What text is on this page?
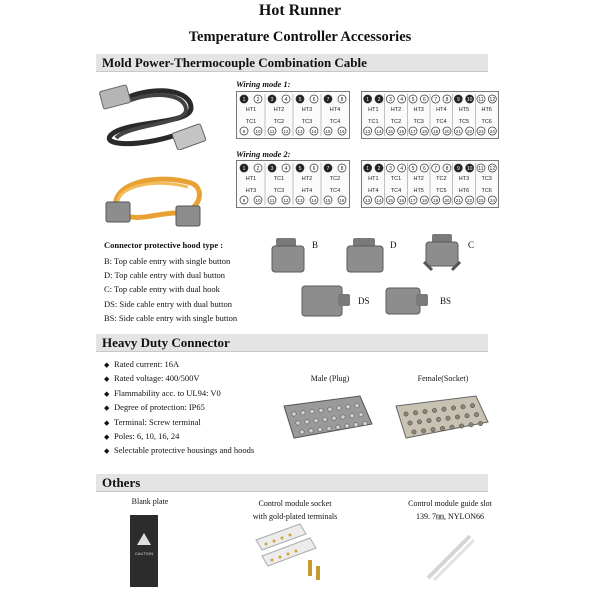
Hot Runner
Temperature Controller Accessories
Mold Power-Thermocouple Combination Cable
Wiring mode 1:
Wiring mode 2:
1 2 3 4 5 6 7 8
HT1	HT2	HT3	HT4
TC1	TC2	TC3	TC4
9 10 11 12 13 14 15 16
1 2 3 4 5 6 7 8 9 10 11 12
HT1 HT2 HT3 HT4 HT5 HT6
TC1 TC2 TC3 TC4 TC5 TC6
13 14 15 16 17 18 19 20 21 22 23 24
1 2 3 4 5 6 7 8
HT1	TC1	HT2	TC2
HT3	TC3	HT4	TC4
9 10 11 12 13 14 15 16
1 2 3 4 5 6 7 8 9 10 11 12
HT1 TC1 HT2 TC2 HT3 TC3
HT4 TC4 HT5 TC5 HT6 TC6
13 14 15 16 17 18 19 20 21 22 23 24
Connector protective hood type :
B: Top cable entry with single button
D: Top cable entry with dual button
C: Top cable entry with dual hook
DS: Side cable entry with dual button
BS: Side cable entry with single button
B	D	C
DS	BS
Heavy Duty Connector
◆ Rated current: 16A
◆ Rated voltage: 400/500V
◆ Flammability acc. to UL94: V0
◆ Degree of protection: IP65
◆ Terminal: Screw terminal
◆ Poles: 6, 10, 16, 24
◆ Selectable protective housings and hoods
Male (Plug)	Female(Socket)
Others
Blank plate	Control module socket
with gold-plated terminals
Control module guide slot
139. 7㎜, NYLON66
CAUTION
